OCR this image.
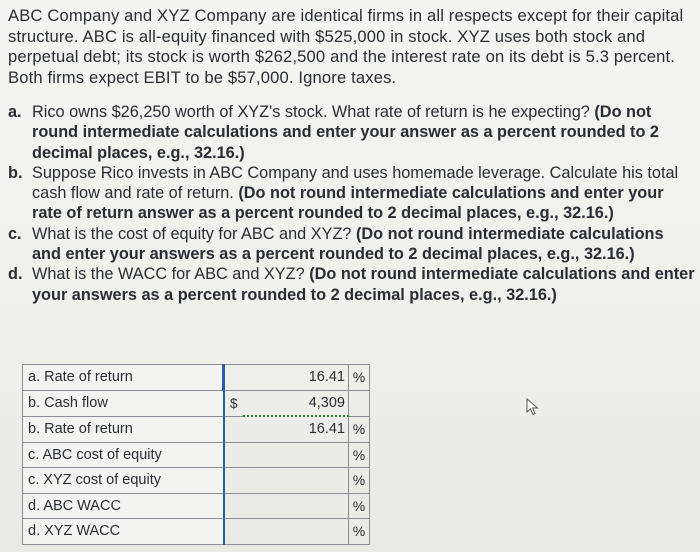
ABC Company and XYZ Company are identical firms in all respects except for their capital structure. ABC is all-equity financed with $525,000 in stock. XYZ uses both stock and perpetual debt; its stock is worth $262,500 and the interest rate on its debt is 5.3 percent. Both firms expect EBIT to be $57,000. Ignore taxes.

a. Rico owns $26,250 worth of XYZ's stock. What rate of return is he expecting? (Do not round intermediate calculations and enter your answer as a percent rounded to 2 decimal places, e.g., 32.16.)
b. Suppose Rico invests in ABC Company and uses homemade leverage. Calculate his total cash flow and rate of return. (Do not round intermediate calculations and enter your rate of return answer as a percent rounded to 2 decimal places, e.g., 32.16.)
c. What is the cost of equity for ABC and XYZ? (Do not round intermediate calculations and enter your answers as a percent rounded to 2 decimal places, e.g., 32.16.)
d. What is the WACC for ABC and XYZ? (Do not round intermediate calculations and enter your answers as a percent rounded to 2 decimal places, e.g., 32.16.)
a. Rate of return		16.41	%
b. Cash flow	$	4,309	
b. Rate of return		16.41	%
c. ABC cost of equity			%
c. XYZ cost of equity			%
d. ABC WACC			%
d. XYZ WACC			%
